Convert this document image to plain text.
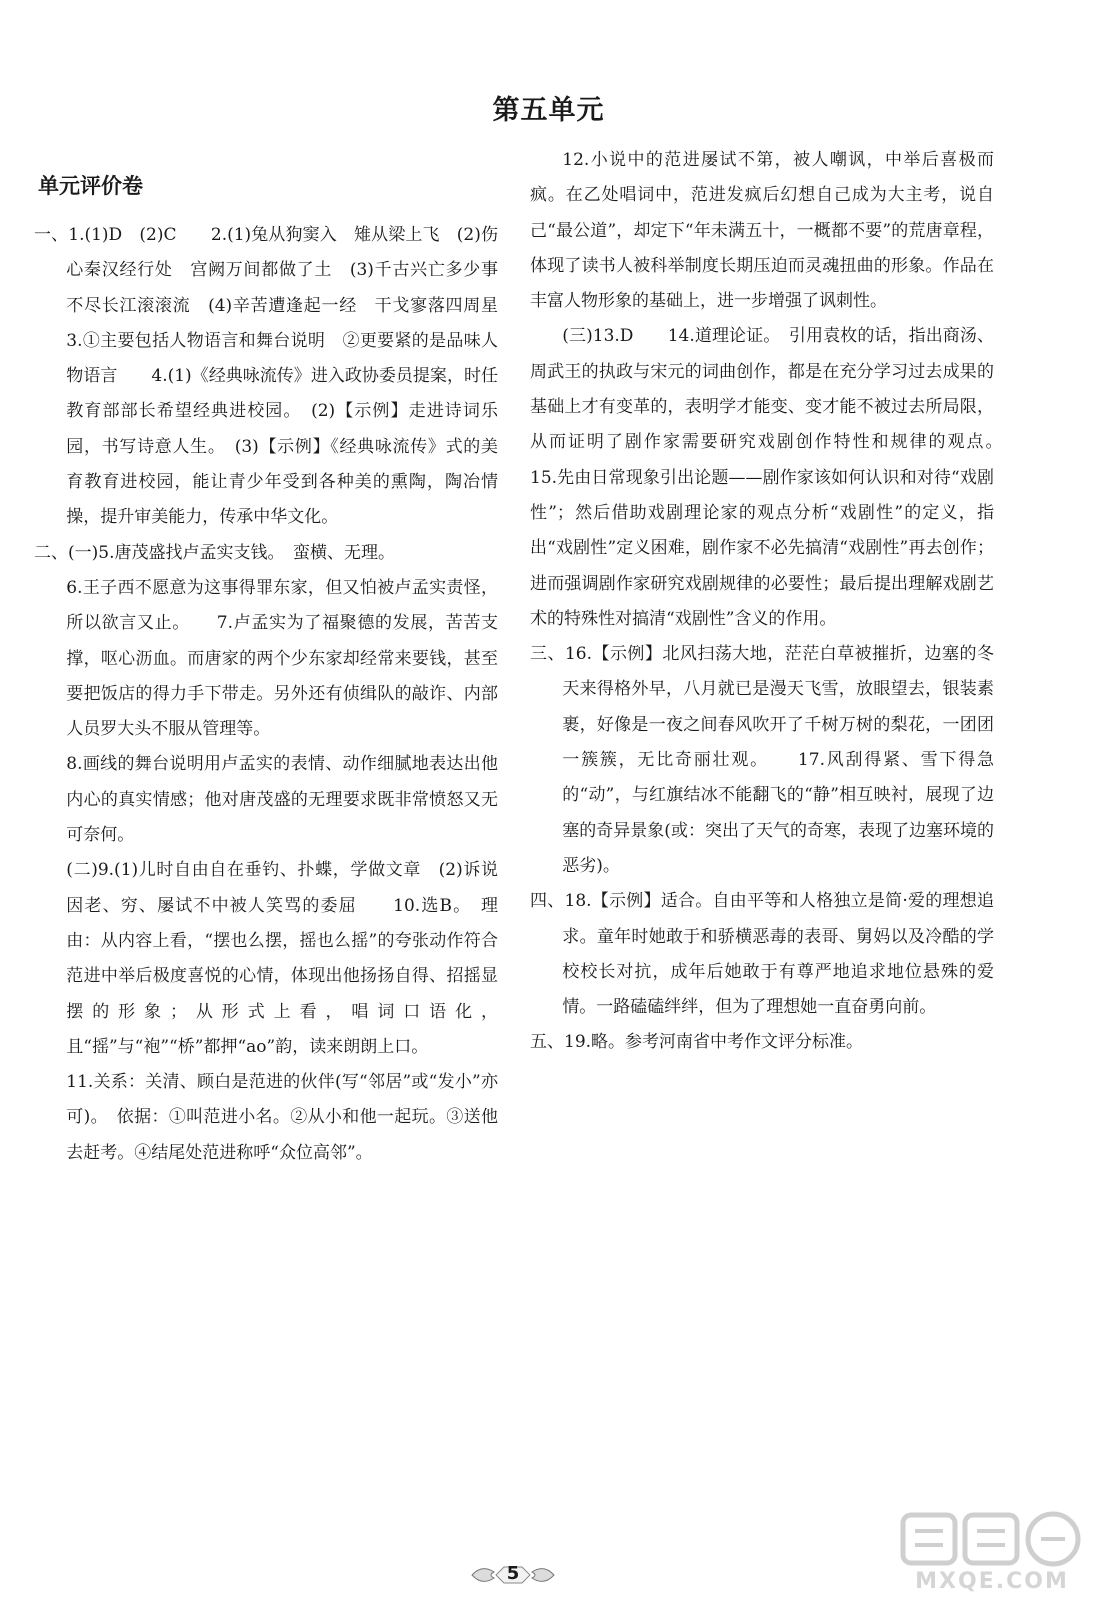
第五单元
单元评价卷

一、1.(1)D　(2)C　　2.(1)兔从狗窦入　雉从梁上飞　(2)伤心秦汉经行处　宫阙万间都做了土　(3)千古兴亡多少事　不尽长江滚滚流　(4)辛苦遭逢起一经　干戈寥落四周星　　3.①主要包括人物语言和舞台说明　②更要紧的是品味人物语言　　4.(1)《经典咏流传》进入政协委员提案，时任教育部部长希望经典进校园。　(2)【示例】走进诗词乐园，书写诗意人生。　(3)【示例】《经典咏流传》式的美育教育进校园，能让青少年受到各种美的熏陶，陶冶情操，提升审美能力，传承中华文化。

二、(一)5.唐茂盛找卢孟实支钱。　蛮横、无理。

6.王子西不愿意为这事得罪东家，但又怕被卢孟实责怪，所以欲言又止。　　7.卢孟实为了福聚德的发展，苦苦支撑，呕心沥血。而唐家的两个少东家却经常来要钱，甚至要把饭店的得力手下带走。另外还有侦缉队的敲诈、内部人员罗大头不服从管理等。

8.画线的舞台说明用卢孟实的表情、动作细腻地表达出他内心的真实情感；他对唐茂盛的无理要求既非常愤怒又无可奈何。

(二)9.(1)儿时自由自在垂钓、扑蝶，学做文章　(2)诉说因老、穷、屡试不中被人笑骂的委屈　　10.选B。　理由：从内容上看，“摆也么摆，摇也么摇”的夸张动作符合范进中举后极度喜悦的心情，体现出他扬扬自得、招摇显摆的形象；从形式上看，唱词口语化，且“摇”与“袍”“桥”都押“ao”韵，读来朗朗上口。

11.关系：关清、顾白是范进的伙伴(写“邻居”或“发小”亦可)。　依据：①叫范进小名。②从小和他一起玩。③送他去赶考。④结尾处范进称呼“众位高邻”。

12.小说中的范进屡试不第，被人嘲讽，中举后喜极而疯。在乙处唱词中，范进发疯后幻想自己成为大主考，说自己“最公道”，却定下“年未满五十，一概都不要”的荒唐章程，体现了读书人被科举制度长期压迫而灵魂扭曲的形象。作品在丰富人物形象的基础上，进一步增强了讽刺性。

(三)13.D　　14.道理论证。　引用袁枚的话，指出商汤、周武王的执政与宋元的词曲创作，都是在充分学习过去成果的基础上才有变革的，表明学才能变、变才能不被过去所局限，从而证明了剧作家需要研究戏剧创作特性和规律的观点。　　15.先由日常现象引出论题——剧作家该如何认识和对待“戏剧性”；然后借助戏剧理论家的观点分析“戏剧性”的定义，指出“戏剧性”定义困难，剧作家不必先搞清“戏剧性”再去创作；进而强调剧作家研究戏剧规律的必要性；最后提出理解戏剧艺术的特殊性对搞清“戏剧性”含义的作用。

三、16.【示例】北风扫荡大地，茫茫白草被摧折，边塞的冬天来得格外早，八月就已是漫天飞雪，放眼望去，银装素裹，好像是一夜之间春风吹开了千树万树的梨花，一团团一簇簇，无比奇丽壮观。　　17.风刮得紧、雪下得急的“动”，与红旗结冰不能翻飞的“静”相互映衬，展现了边塞的奇异景象(或：突出了天气的奇寒，表现了边塞环境的恶劣)。

四、18.【示例】适合。自由平等和人格独立是简·爱的理想追求。童年时她敢于和骄横恶毒的表哥、舅妈以及冷酷的学校校长对抗，成年后她敢于有尊严地追求地位悬殊的爱情。一路磕磕绊绊，但为了理想她一直奋勇向前。

五、19.略。参考河南省中考作文评分标准。

5	MXQE.COM
